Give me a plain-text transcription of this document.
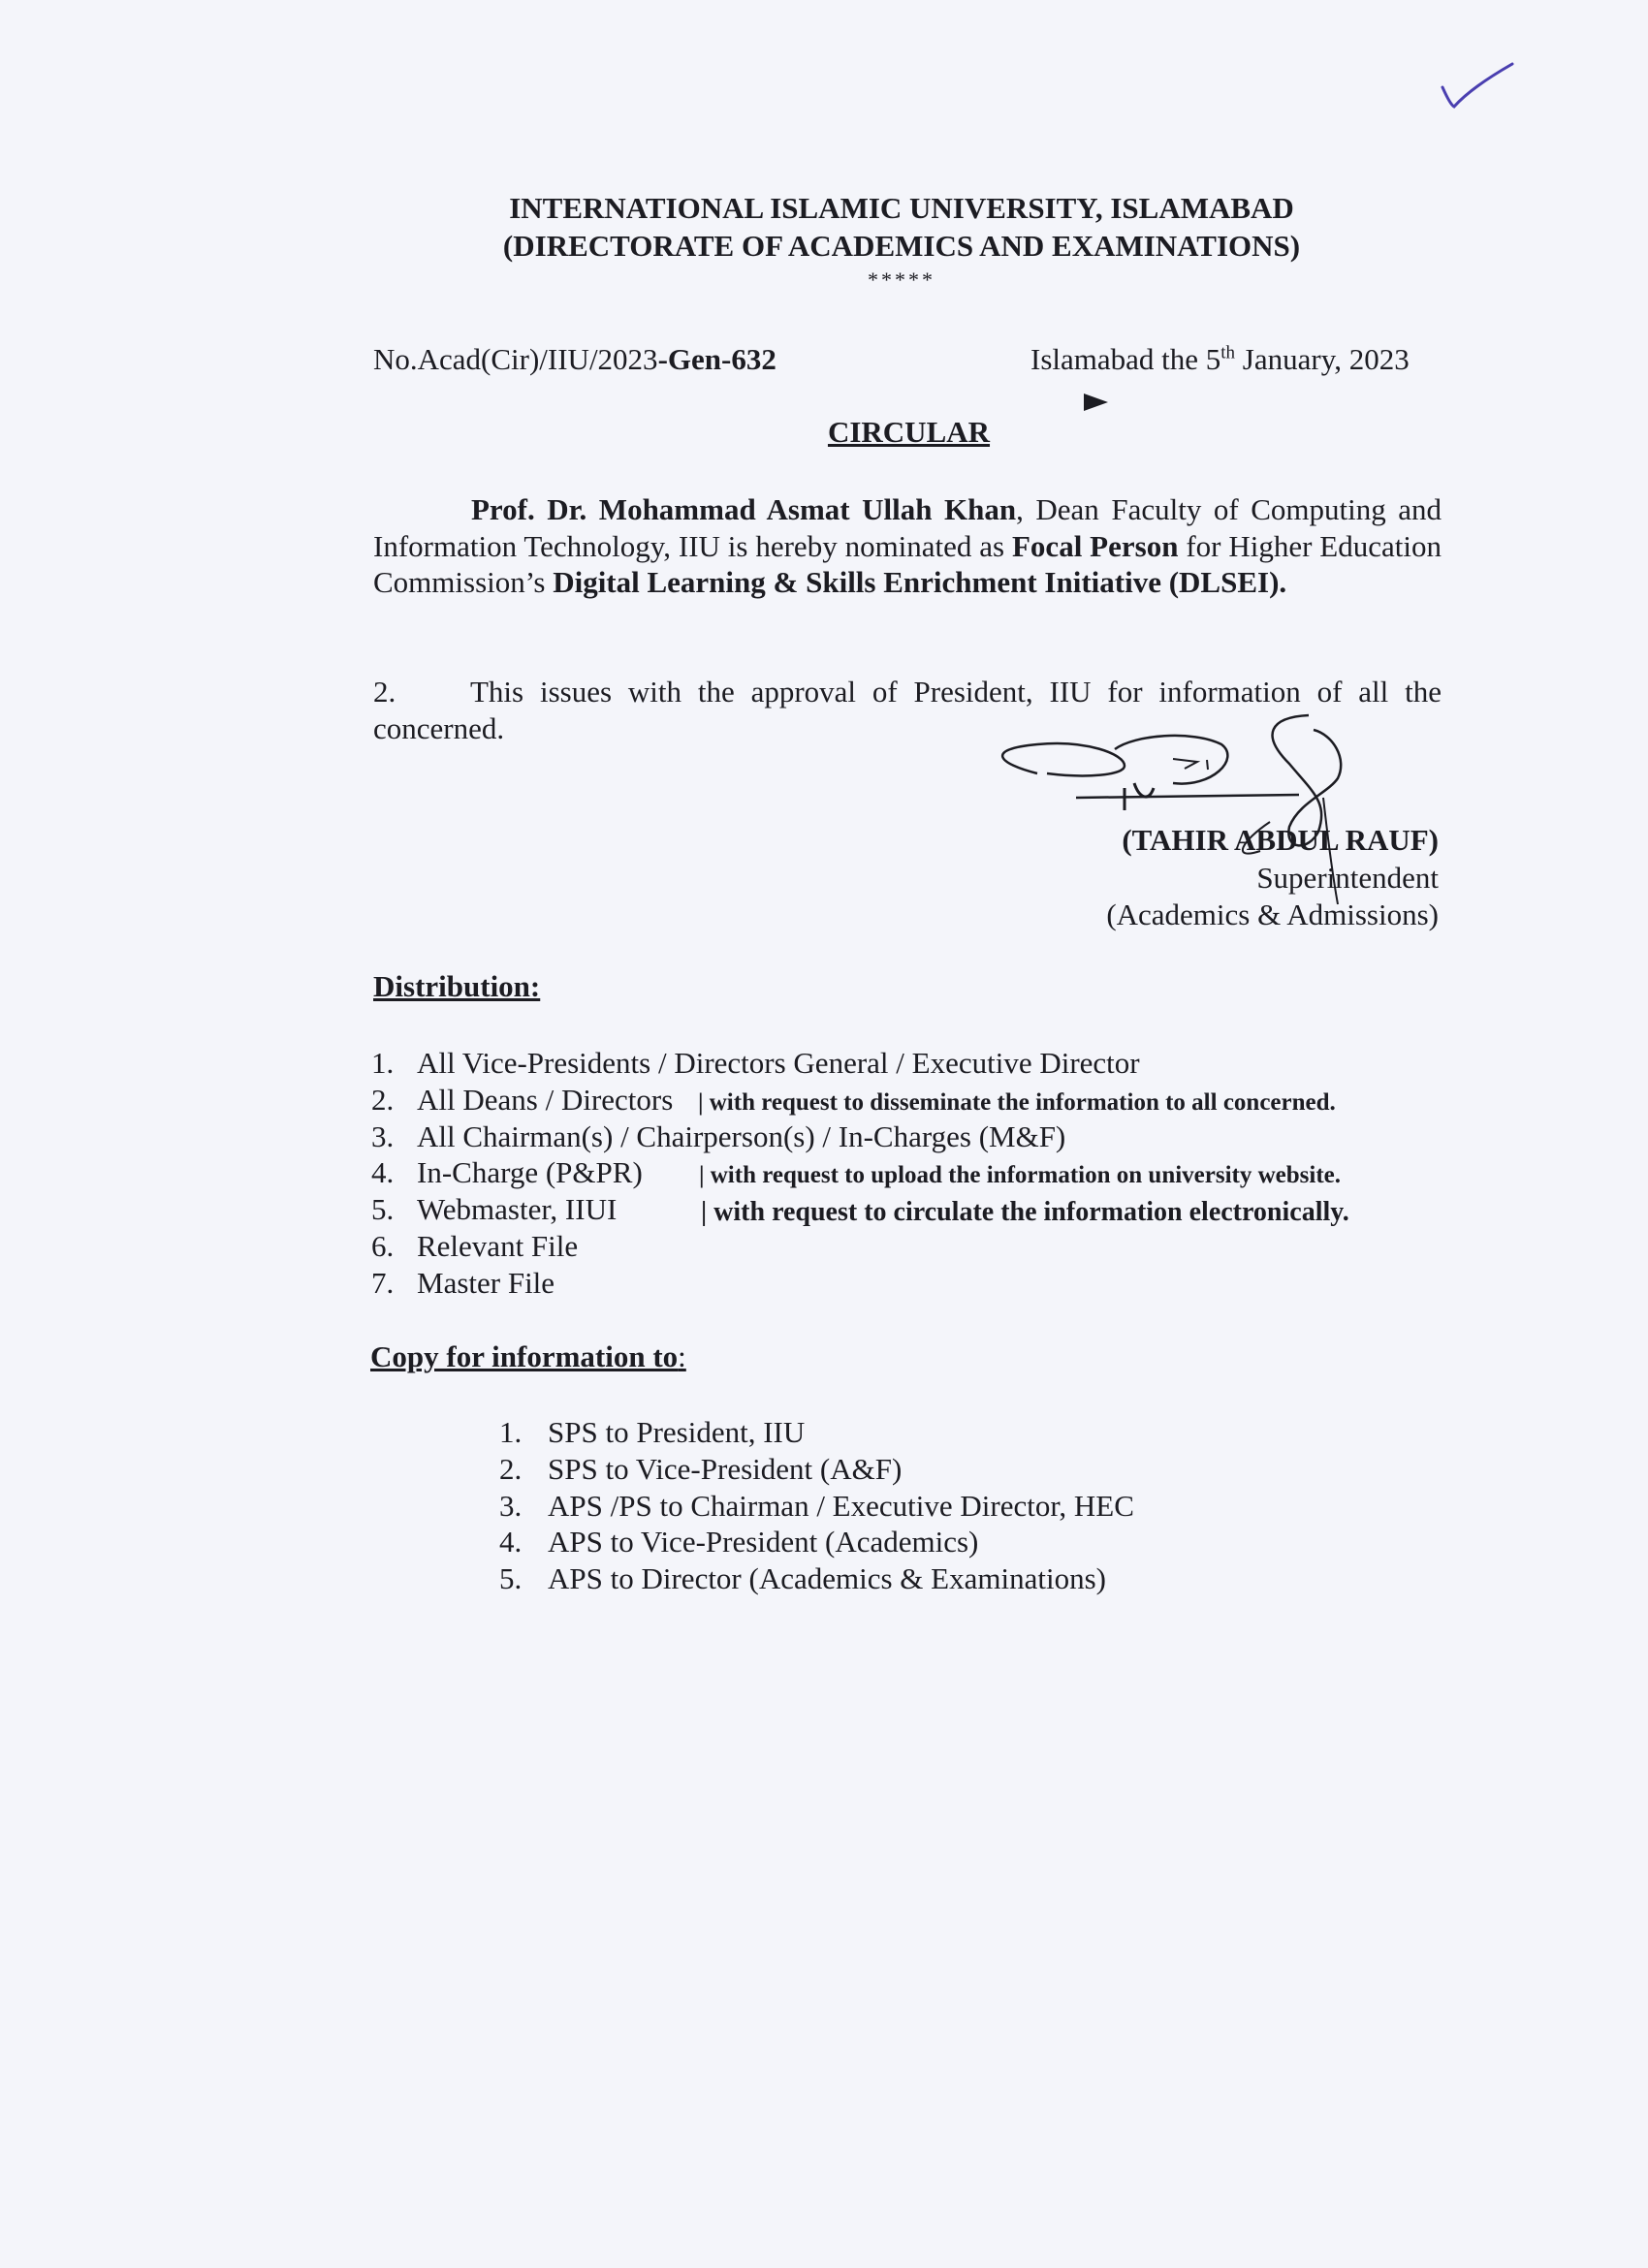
INTERNATIONAL ISLAMIC UNIVERSITY, ISLAMABAD
(DIRECTORATE OF ACADEMICS AND EXAMINATIONS)
*****
No.Acad(Cir)/IIU/2023-Gen-632	Islamabad the 5th January, 2023
CIRCULAR
Prof. Dr. Mohammad Asmat Ullah Khan, Dean Faculty of Computing and Information Technology, IIU is hereby nominated as Focal Person for Higher Education Commission’s Digital Learning & Skills Enrichment Initiative (DLSEI).
2. This issues with the approval of President, IIU for information of all the concerned.
(TAHIR ABDUL RAUF)
Superintendent
(Academics & Admissions)
Distribution:
1. All Vice-Presidents / Directors General / Executive Director
2. All Deans / Directors | with request to disseminate the information to all concerned.
3. All Chairman(s) / Chairperson(s) / In-Charges (M&F)
4. In-Charge (P&PR) | with request to upload the information on university website.
5. Webmaster, IIUI	| with request to circulate the information electronically.
6. Relevant File
7. Master File
Copy for information to:
1. SPS to President, IIU
2. SPS to Vice-President (A&F)
3. APS /PS to Chairman / Executive Director, HEC
4. APS to Vice-President (Academics)
5. APS to Director (Academics & Examinations)
